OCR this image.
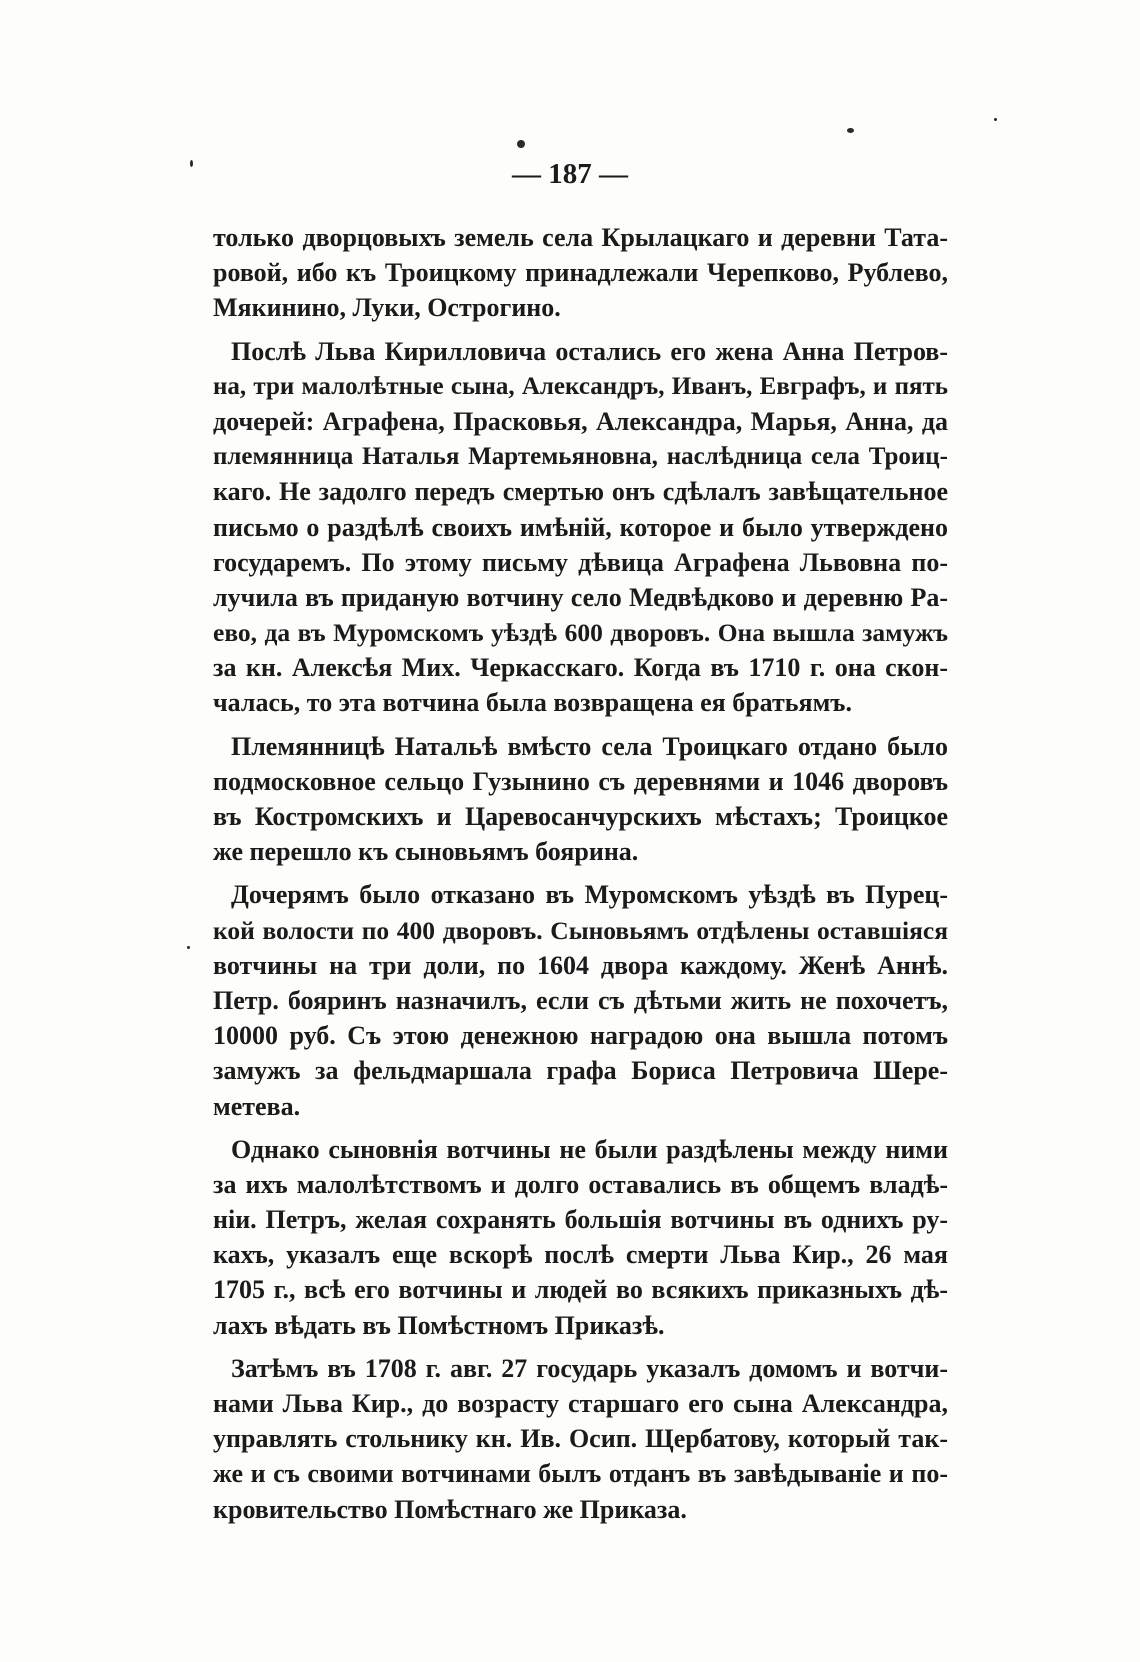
— 187 —
только дворцовыхъ земель села Крылацкаго и деревни Тата-
ровой, ибо къ Троицкому принадлежали Черепково, Рублево,
Мякинино, Луки, Острогино.
Послѣ Льва Кирилловича остались его жена Анна Петров-
на, три малолѣтные сына, Александръ, Иванъ, Евграфъ, и пять
дочерей: Аграфена, Прасковья, Александра, Марья, Анна, да
племянница Наталья Мартемьяновна, наслѣдница села Троиц-
каго. Не задолго передъ смертью онъ сдѣлалъ завѣщательное
письмо о раздѣлѣ своихъ имѣній, которое и было утверждено
государемъ. По этому письму дѣвица Аграфена Львовна по-
лучила въ приданую вотчину село Медвѣдково и деревню Ра-
ево, да въ Муромскомъ уѣздѣ 600 дворовъ. Она вышла замужъ
за кн. Алексѣя Мих. Черкасскаго. Когда въ 1710 г. она скон-
чалась, то эта вотчина была возвращена ея братьямъ.
Племянницѣ Натальѣ вмѣсто села Троицкаго отдано было
подмосковное сельцо Гузынино съ деревнями и 1046 дворовъ
въ Костромскихъ и Царевосанчурскихъ мѣстахъ; Троицкое
же перешло къ сыновьямъ боярина.
Дочерямъ было отказано въ Муромскомъ уѣздѣ въ Пурец-
кой волости по 400 дворовъ. Сыновьямъ отдѣлены оставшiяся
вотчины на три доли, по 1604 двора каждому. Женѣ Аннѣ.
Петр. бояринъ назначилъ, если съ дѣтьми жить не похочетъ,
10000 руб. Съ этою денежною наградою она вышла потомъ
замужъ за фельдмаршала графа Бориса Петровича Шере-
метева.
Однако сыновнiя вотчины не были раздѣлены между ними
за ихъ малолѣтствомъ и долго оставались въ общемъ владѣ-
нiи. Петръ, желая сохранять большiя вотчины въ однихъ ру-
кахъ, указалъ еще вскорѣ послѣ смерти Льва Кир., 26 мая
1705 г., всѣ его вотчины и людей во всякихъ приказныхъ дѣ-
лахъ вѣдать въ Помѣстномъ Приказѣ.
Затѣмъ въ 1708 г. авг. 27 государь указалъ домомъ и вотчи-
нами Льва Кир., до возрасту старшаго его сына Александра,
управлять стольнику кн. Ив. Осип. Щербатову, который так-
же и съ своими вотчинами былъ отданъ въ завѣдыванiе и по-
кровительство Помѣстнаго же Приказа.
